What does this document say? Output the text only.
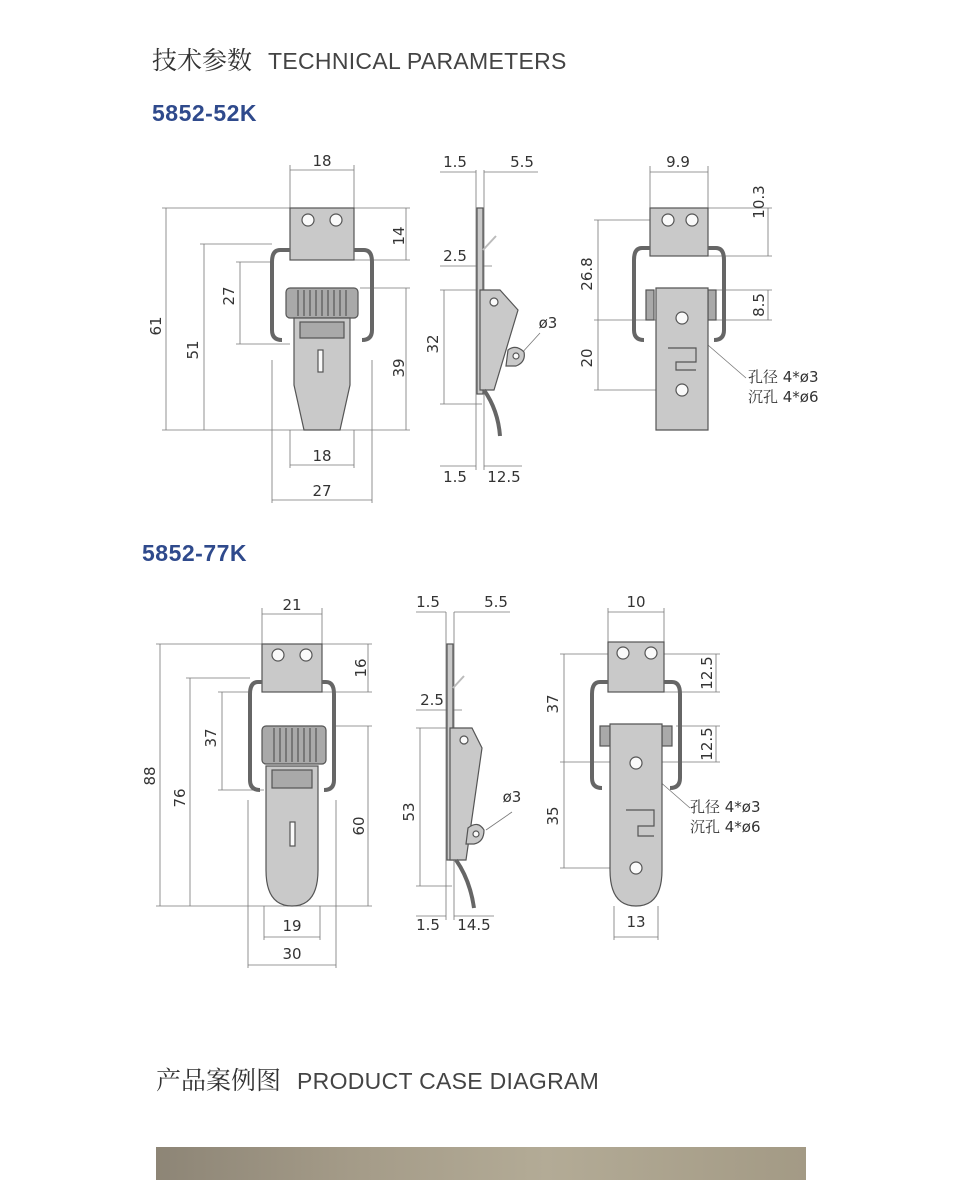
技术参数 TECHNICAL PARAMETERS
5852-52K
5852-77K
18
14
61
51
27
39
18
27
1.5	5.5
2.5
32
ø3
1.5 12.5
9.9
10.3
26.8
8.5
20
孔径 4*ø3
沉孔 4*ø6
21
16
88
76
37
60
19
30
1.5	5.5
2.5
53
ø3
1.5 14.5
10
12.5
37
12.5
35
13
孔径 4*ø3
沉孔 4*ø6
产品案例图 PRODUCT CASE DIAGRAM
